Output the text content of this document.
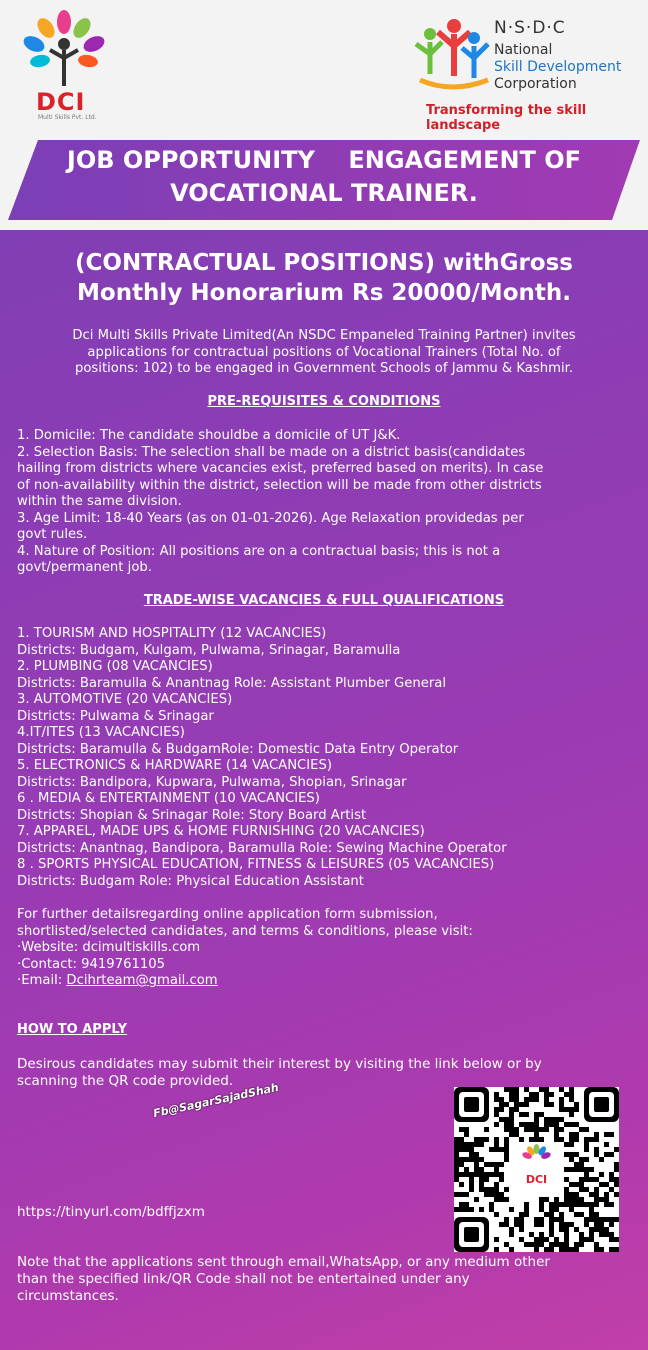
DCI
Multi Skills Pvt. Ltd.
N·S·D·C
National
Skill Development
Corporation
Transforming the skill landscape
JOB OPPORTUNITY    ENGAGEMENT OF
VOCATIONAL TRAINER.
(CONTRACTUAL POSITIONS) withGross
Monthly Honorarium Rs 20000/Month.
Dci Multi Skills Private Limited(An NSDC Empaneled Training Partner) invites
applications for contractual positions of Vocational Trainers (Total No. of
positions: 102) to be engaged in Government Schools of Jammu & Kashmir.
PRE-REQUISITES & CONDITIONS
1. Domicile: The candidate shouldbe a domicile of UT J&K.
2. Selection Basis: The selection shall be made on a district basis(candidates
hailing from districts where vacancies exist, preferred based on merits). In case
of non-availability within the district, selection will be made from other districts
within the same division.
3. Age Limit: 18-40 Years (as on 01-01-2026). Age Relaxation providedas per
govt rules.
4. Nature of Position: All positions are on a contractual basis; this is not a
govt/permanent job.
TRADE-WISE VACANCIES & FULL QUALIFICATIONS
1. TOURISM AND HOSPITALITY (12 VACANCIES)
Districts: Budgam, Kulgam, Pulwama, Srinagar, Baramulla
2. PLUMBING (08 VACANCIES)
Districts: Baramulla & Anantnag Role: Assistant Plumber General
3. AUTOMOTIVE (20 VACANCIES)
Districts: Pulwama & Srinagar
4.IT/ITES (13 VACANCIES)
Districts: Baramulla & BudgamRole: Domestic Data Entry Operator
5. ELECTRONICS & HARDWARE (14 VACANCIES)
Districts: Bandipora, Kupwara, Pulwama, Shopian, Srinagar
6 . MEDIA & ENTERTAINMENT (10 VACANCIES)
Districts: Shopian & Srinagar Role: Story Board Artist
7. APPAREL, MADE UPS & HOME FURNISHING (20 VACANCIES)
Districts: Anantnag, Bandipora, Baramulla Role: Sewing Machine Operator
8 . SPORTS PHYSICAL EDUCATION, FITNESS & LEISURES (05 VACANCIES)
Districts: Budgam Role: Physical Education Assistant
For further detailsregarding online application form submission,
shortlisted/selected candidates, and terms & conditions, please visit:
·Website: dcimultiskills.com
·Contact: 9419761105
·Email: Dcihrteam@gmail.com
HOW TO APPLY
Desirous candidates may submit their interest by visiting the link below or by
scanning the QR code provided.
Fb@SagarSajadShah
DCI
https://tinyurl.com/bdffjzxm
Note that the applications sent through email,WhatsApp, or any medium other
than the specified link/QR Code shall not be entertained under any
circumstances.
